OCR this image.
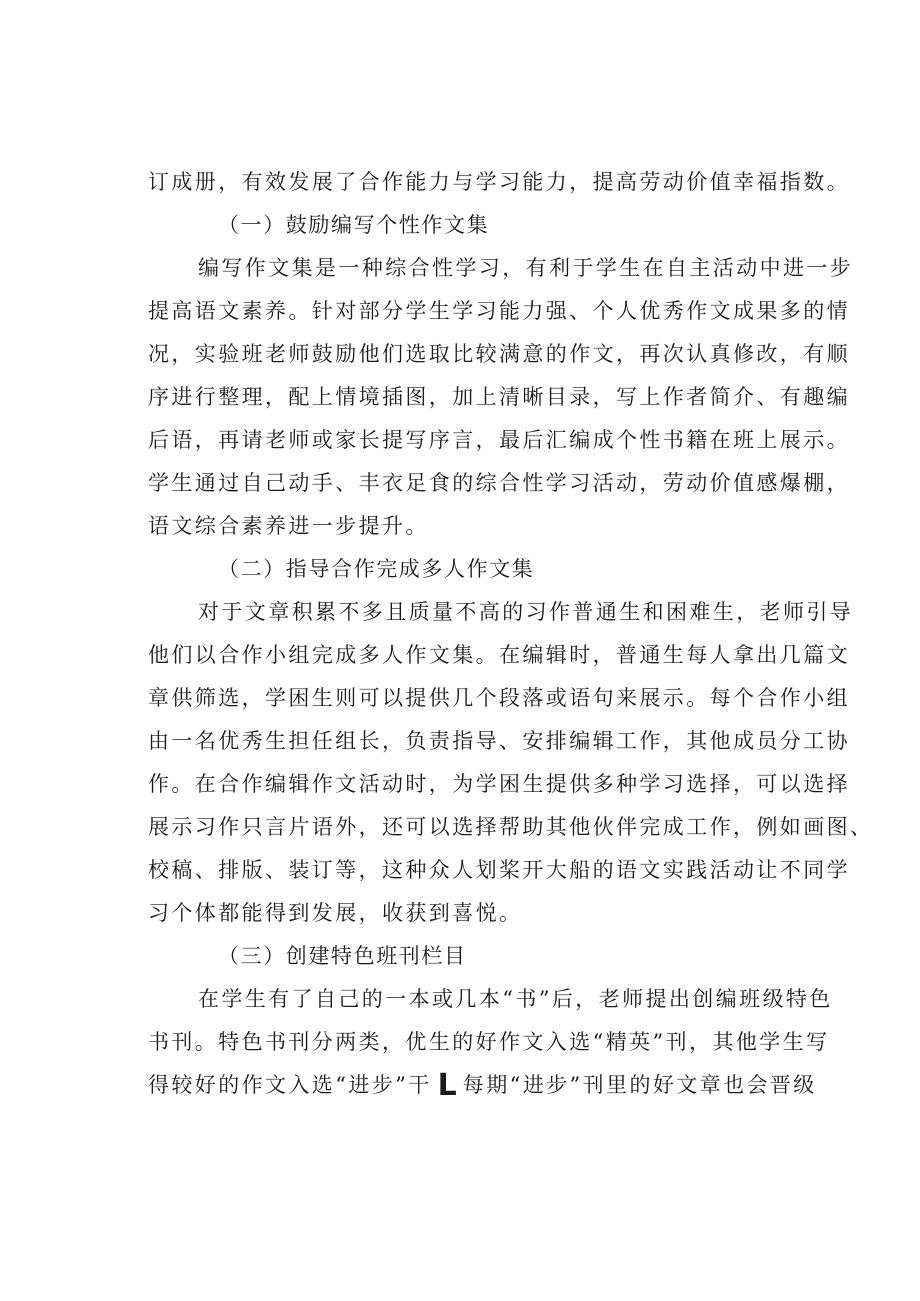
订成册，有效发展了合作能力与学习能力，提高劳动价值幸福指数。
（一）鼓励编写个性作文集
编写作文集是一种综合性学习，有利于学生在自主活动中进一步
提高语文素养。针对部分学生学习能力强、个人优秀作文成果多的情
况，实验班老师鼓励他们选取比较满意的作文，再次认真修改，有顺
序进行整理，配上情境插图，加上清晰目录，写上作者简介、有趣编
后语，再请老师或家长提写序言，最后汇编成个性书籍在班上展示。
学生通过自己动手、丰衣足食的综合性学习活动，劳动价值感爆棚，
语文综合素养进一步提升。
（二）指导合作完成多人作文集
对于文章积累不多且质量不高的习作普通生和困难生，老师引导
他们以合作小组完成多人作文集。在编辑时，普通生每人拿出几篇文
章供筛选，学困生则可以提供几个段落或语句来展示。每个合作小组
由一名优秀生担任组长，负责指导、安排编辑工作，其他成员分工协
作。在合作编辑作文活动时，为学困生提供多种学习选择，可以选择
展示习作只言片语外，还可以选择帮助其他伙伴完成工作，例如画图、
校稿、排版、装订等，这种众人划桨开大船的语文实践活动让不同学
习个体都能得到发展，收获到喜悦。
（三）创建特色班刊栏目
在学生有了自己的一本或几本“书”后，老师提出创编班级特色
书刊。特色书刊分两类，优生的好作文入选“精英”刊，其他学生写
得较好的作文入选“进步”干 L 每期“进步”刊里的好文章也会晋级
